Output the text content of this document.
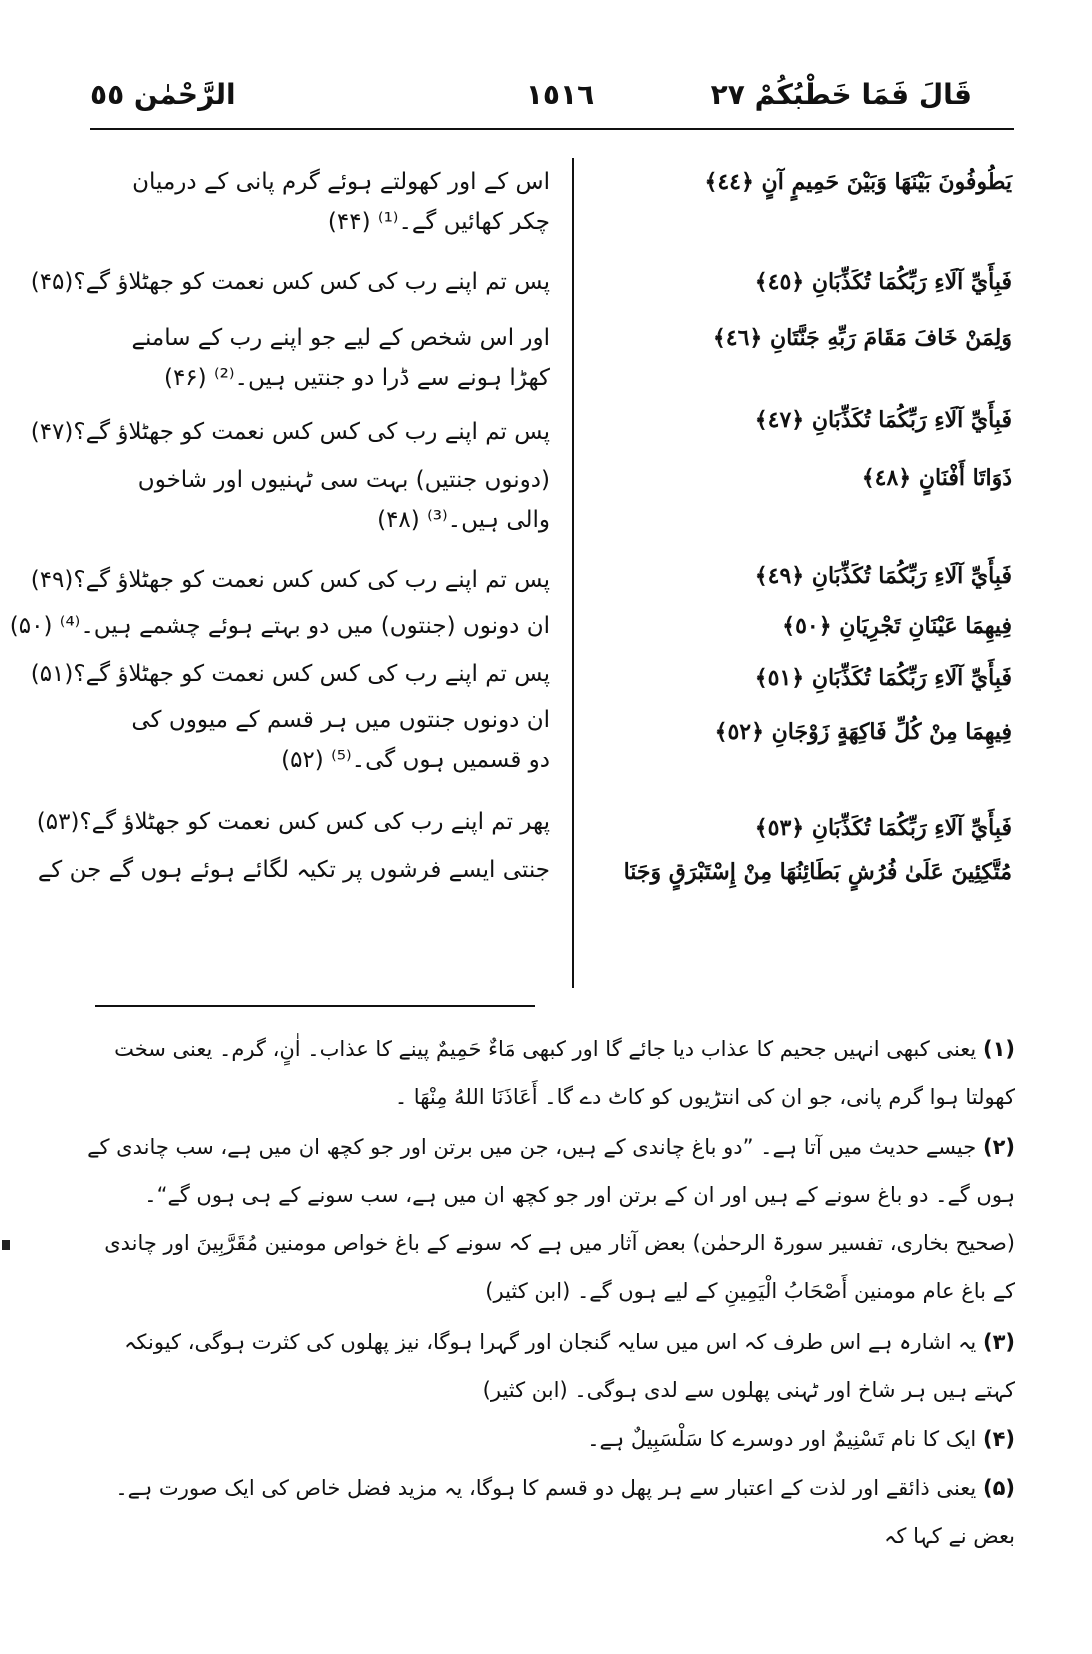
قَالَ فَمَا خَطْبُكُمْ ٢٧
١٥١٦
الرَّحْمٰن ٥٥
يَطُوفُونَ بَيْنَهَا وَبَيْنَ حَمِيمٍ آنٍ ﴿٤٤﴾
فَبِأَيِّ آلَاءِ رَبِّكُمَا تُكَذِّبَانِ ﴿٤٥﴾
وَلِمَنْ خَافَ مَقَامَ رَبِّهِ جَنَّتَانِ ﴿٤٦﴾
فَبِأَيِّ آلَاءِ رَبِّكُمَا تُكَذِّبَانِ ﴿٤٧﴾
ذَوَاتَا أَفْنَانٍ ﴿٤٨﴾
فَبِأَيِّ آلَاءِ رَبِّكُمَا تُكَذِّبَانِ ﴿٤٩﴾
فِيهِمَا عَيْنَانِ تَجْرِيَانِ ﴿٥٠﴾
فَبِأَيِّ آلَاءِ رَبِّكُمَا تُكَذِّبَانِ ﴿٥١﴾
فِيهِمَا مِنْ كُلِّ فَاكِهَةٍ زَوْجَانِ ﴿٥٢﴾
فَبِأَيِّ آلَاءِ رَبِّكُمَا تُكَذِّبَانِ ﴿٥٣﴾
مُتَّكِئِينَ عَلَىٰ فُرُشٍ بَطَائِنُهَا مِنْ إِسْتَبْرَقٍ وَجَنَا
اس کے اور کھولتے ہوئے گرم پانی کے درمیان چکر کھائیں گے۔⁽¹⁾ (۴۴)
پس تم اپنے رب کی کس کس نعمت کو جھٹلاؤ گے؟(۴۵)
اور اس شخص کے لیے جو اپنے رب کے سامنے کھڑا ہونے سے ڈرا دو جنتیں ہیں۔⁽²⁾ (۴۶)
پس تم اپنے رب کی کس کس نعمت کو جھٹلاؤ گے؟(۴۷)
(دونوں جنتیں) بہت سی ٹہنیوں اور شاخوں والی ہیں۔⁽³⁾ (۴۸)
پس تم اپنے رب کی کس کس نعمت کو جھٹلاؤ گے؟(۴۹)
ان دونوں (جنتوں) میں دو بہتے ہوئے چشمے ہیں۔⁽⁴⁾ (۵۰)
پس تم اپنے رب کی کس کس نعمت کو جھٹلاؤ گے؟(۵۱)
ان دونوں جنتوں میں ہر قسم کے میووں کی دو قسمیں ہوں گی۔⁽⁵⁾ (۵۲)
پھر تم اپنے رب کی کس کس نعمت کو جھٹلاؤ گے؟(۵۳)
جنتی ایسے فرشوں پر تکیہ لگائے ہوئے ہوں گے جن کے
(۱) یعنی کبھی انہیں جحیم کا عذاب دیا جائے گا اور کبھی مَاءٌ حَمِيمٌ پینے کا عذاب۔ اٰنٍ، گرم۔ یعنی سخت کھولتا ہوا گرم پانی، جو ان کی انتڑیوں کو کاٹ دے گا۔ أَعَاذَنَا اللهُ مِنْهَا ۔
(۲) جیسے حدیث میں آتا ہے۔ ”دو باغ چاندی کے ہیں، جن میں برتن اور جو کچھ ان میں ہے، سب چاندی کے ہوں گے۔ دو باغ سونے کے ہیں اور ان کے برتن اور جو کچھ ان میں ہے، سب سونے کے ہی ہوں گے“۔ (صحیح بخاری، تفسیر سورۃ الرحمٰن) بعض آثار میں ہے کہ سونے کے باغ خواص مومنین مُقَرَّبِينَ اور چاندی کے باغ عام مومنین أَصْحَابُ الْيَمِينِ کے لیے ہوں گے۔ (ابن کثیر)
(۳) یہ اشارہ ہے اس طرف کہ اس میں سایہ گنجان اور گہرا ہوگا، نیز پھلوں کی کثرت ہوگی، کیونکہ کہتے ہیں ہر شاخ اور ٹہنی پھلوں سے لدی ہوگی۔ (ابن کثیر)
(۴) ایک کا نام تَسْنِيمٌ اور دوسرے کا سَلْسَبِيلٌ ہے۔
(۵) یعنی ذائقے اور لذت کے اعتبار سے ہر پھل دو قسم کا ہوگا، یہ مزید فضل خاص کی ایک صورت ہے۔ بعض نے کہا کہ
